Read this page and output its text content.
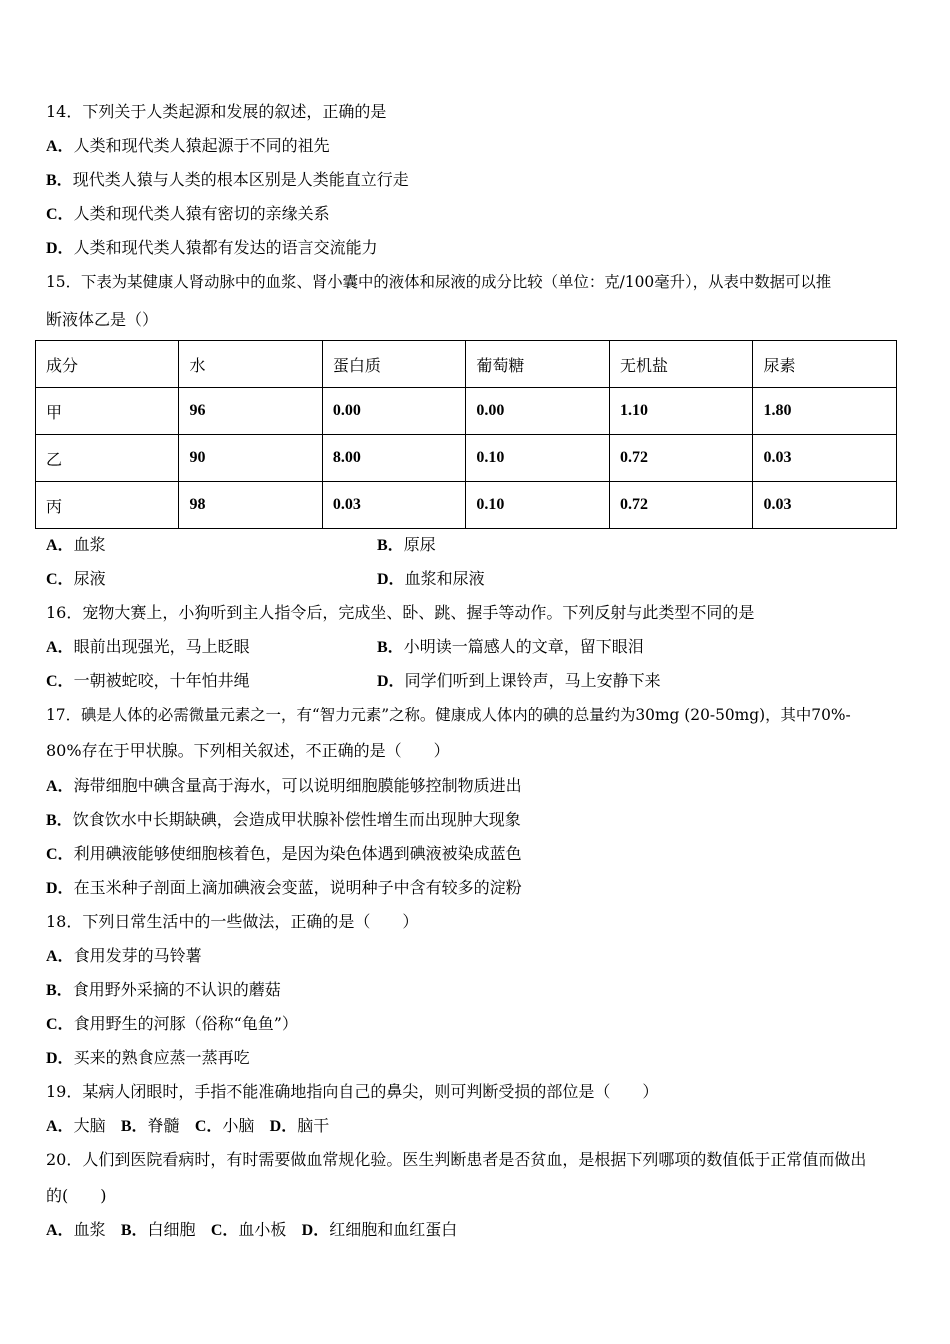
14．下列关于人类起源和发展的叙述，正确的是
A．人类和现代类人猿起源于不同的祖先
B．现代类人猿与人类的根本区别是人类能直立行走
C．人类和现代类人猿有密切的亲缘关系
D．人类和现代类人猿都有发达的语言交流能力
15．下表为某健康人肾动脉中的血浆、肾小囊中的液体和尿液的成分比较（单位：克/100毫升），从表中数据可以推
断液体乙是（）
成分	水	蛋白质	葡萄糖	无机盐	尿素
甲	96	0.00	0.00	1.10	1.80
乙	90	8.00	0.10	0.72	0.03
丙	98	0.03	0.10	0.72	0.03
A．血浆	B．原尿
C．尿液	D．血浆和尿液
16．宠物大赛上，小狗听到主人指令后，完成坐、卧、跳、握手等动作。下列反射与此类型不同的是
A．眼前出现强光，马上眨眼	B．小明读一篇感人的文章，留下眼泪
C．一朝被蛇咬，十年怕井绳	D．同学们听到上课铃声，马上安静下来
17．碘是人体的必需微量元素之一，有“智力元素”之称。健康成人体内的碘的总量约为30mg (20-50mg)，其中70%-
80%存在于甲状腺。下列相关叙述，不正确的是（　　）
A．海带细胞中碘含量高于海水，可以说明细胞膜能够控制物质进出
B．饮食饮水中长期缺碘，会造成甲状腺补偿性增生而出现肿大现象
C．利用碘液能够使细胞核着色，是因为染色体遇到碘液被染成蓝色
D．在玉米种子剖面上滴加碘液会变蓝，说明种子中含有较多的淀粉
18．下列日常生活中的一些做法，正确的是（　　）
A．食用发芽的马铃薯
B．食用野外采摘的不认识的蘑菇
C．食用野生的河豚（俗称“龟鱼”）
D．买来的熟食应蒸一蒸再吃
19．某病人闭眼时，手指不能准确地指向自己的鼻尖，则可判断受损的部位是（　　）
A．大脑 B．脊髓 C．小脑 D．脑干
20．人们到医院看病时，有时需要做血常规化验。医生判断患者是否贫血，是根据下列哪项的数值低于正常值而做出
的(　　)
A．血浆 B．白细胞 C．血小板 D．红细胞和血红蛋白
